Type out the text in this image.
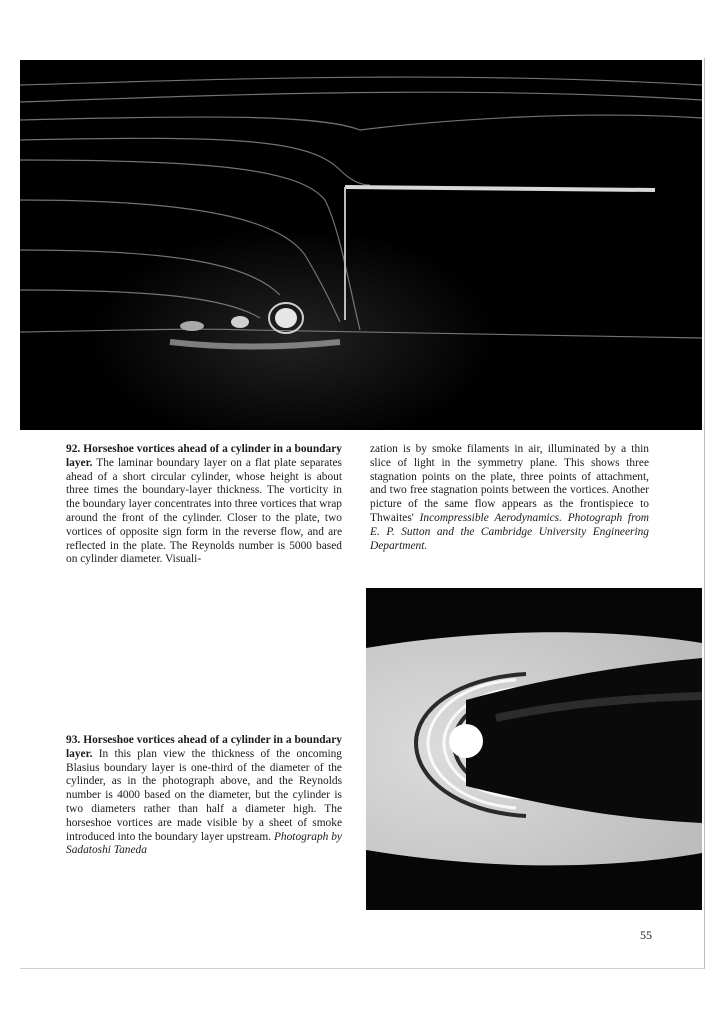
92. Horseshoe vortices ahead of a cylinder in a boundary layer. The laminar boundary layer on a flat plate separates ahead of a short circular cylinder, whose height is about three times the boundary-layer thickness. The vorticity in the boundary layer concentrates into three vortices that wrap around the front of the cylinder. Closer to the plate, two vortices of opposite sign form in the reverse flow, and are reflected in the plate. The Reynolds number is 5000 based on cylinder diameter. Visuali-

zation is by smoke filaments in air, illuminated by a thin slice of light in the symmetry plane. This shows three stagnation points on the plate, three points of attachment, and two free stagnation points between the vortices. Another picture of the same flow appears as the frontispiece to Thwaites' Incompressible Aerodynamics. Photograph from E. P. Sutton and the Cambridge University Engineering Department.

93. Horseshoe vortices ahead of a cylinder in a boundary layer. In this plan view the thickness of the oncoming Blasius boundary layer is one-third of the diameter of the cylinder, as in the photograph above, and the Reynolds number is 4000 based on the diameter, but the cylinder is two diameters rather than half a diameter high. The horseshoe vortices are made visible by a sheet of smoke introduced into the boundary layer upstream. Photograph by Sadatoshi Taneda

55
